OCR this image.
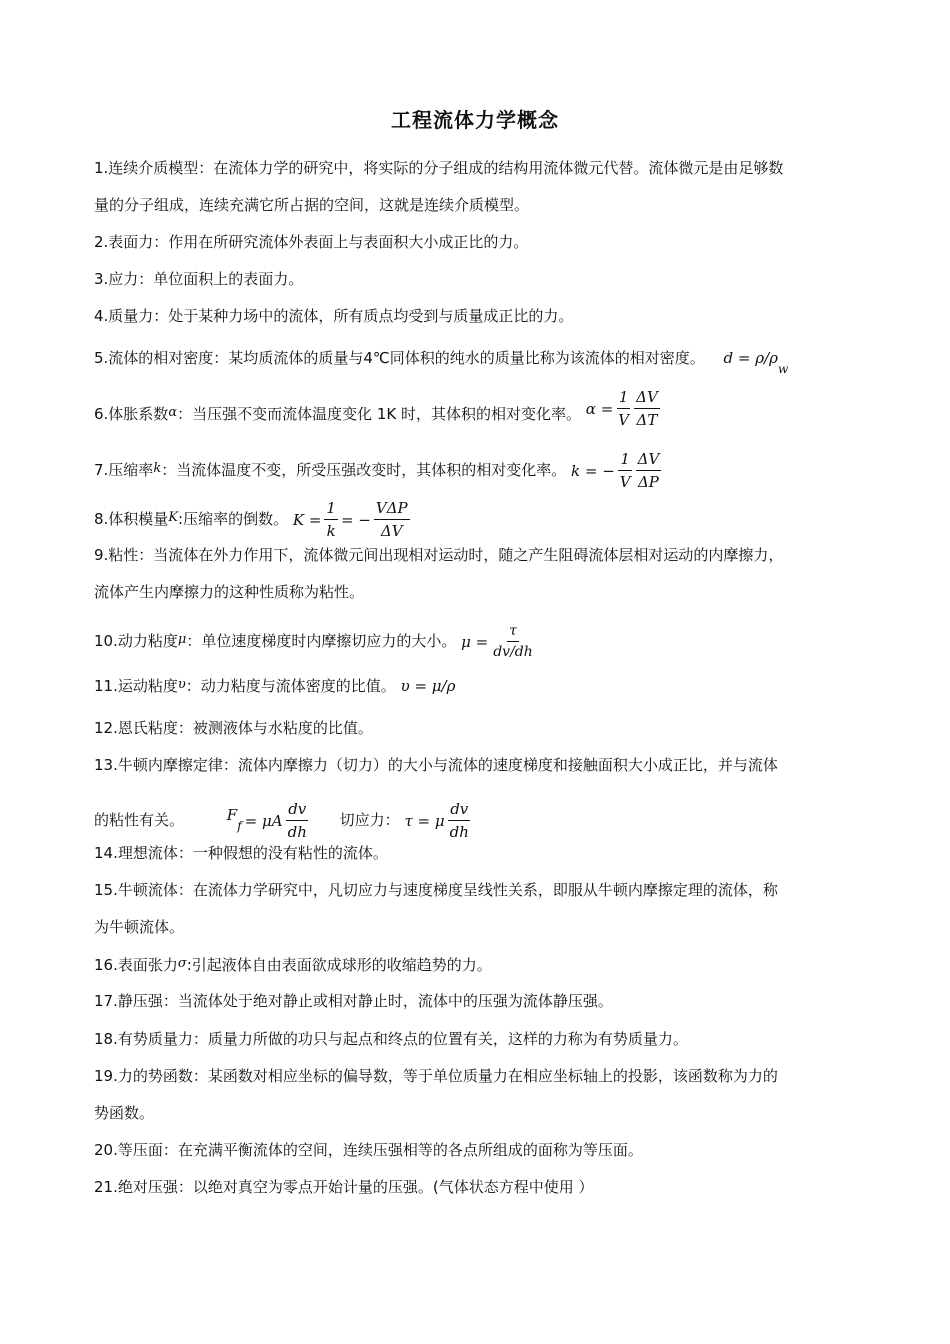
工程流体力学概念
1.连续介质模型：在流体力学的研究中，将实际的分子组成的结构用流体微元代替。流体微元是由足够数
量的分子组成，连续充满它所占据的空间，这就是连续介质模型。
2.表面力：作用在所研究流体外表面上与表面积大小成正比的力。
3.应力：单位面积上的表面力。
4.质量力：处于某种力场中的流体，所有质点均受到与质量成正比的力。
5.流体的相对密度：某均质流体的质量与4℃同体积的纯水的质量比称为该流体的相对密度。 $d = \rho/\rho_w$
6.体胀系数α：当压强不变而流体温度变化 1K 时，其体积的相对变化率。 $\alpha = \frac{1}{V} \frac{\Delta V}{\Delta T}$
7.压缩率k：当流体温度不变，所受压强改变时，其体积的相对变化率。 k = − $\frac{1}{V} \frac{\Delta V}{\Delta P}$
8.体积模量K:压缩率的倒数。 $K = \frac{1}{k}$ = − $\frac{\text{VΔP}}{\Delta V}$
9.粘性：当流体在外力作用下，流体微元间出现相对运动时，随之产生阻碍流体层相对运动的内摩擦力，
流体产生内摩擦力的这种性质称为粘性。
10.动力粘度μ：单位速度梯度时内摩擦切应力的大小。 $\mu = \frac{\tau}{dv/dh}$
11.运动粘度υ：动力粘度与流体密度的比值。 υ = μ/ρ
12.恩氏粘度：被测液体与水粘度的比值。
13.牛顿内摩擦定律：流体内摩擦力（切力）的大小与流体的速度梯度和接触面积大小成正比，并与流体
的粘性有关。	$F_f = \mu A \frac{dv}{dh}$ 切应力： τ = μ $\frac{dv}{dh}$
14.理想流体：一种假想的没有粘性的流体。
15.牛顿流体：在流体力学研究中，凡切应力与速度梯度呈线性关系，即服从牛顿内摩擦定理的流体，称
为牛顿流体。
16.表面张力σ:引起液体自由表面欲成球形的收缩趋势的力。
17.静压强：当流体处于绝对静止或相对静止时，流体中的压强为流体静压强。
18.有势质量力：质量力所做的功只与起点和终点的位置有关，这样的力称为有势质量力。
19.力的势函数：某函数对相应坐标的偏导数，等于单位质量力在相应坐标轴上的投影，该函数称为力的
势函数。
20.等压面：在充满平衡流体的空间，连续压强相等的各点所组成的面称为等压面。
21.绝对压强：以绝对真空为零点开始计量的压强。(气体状态方程中使用 ）
